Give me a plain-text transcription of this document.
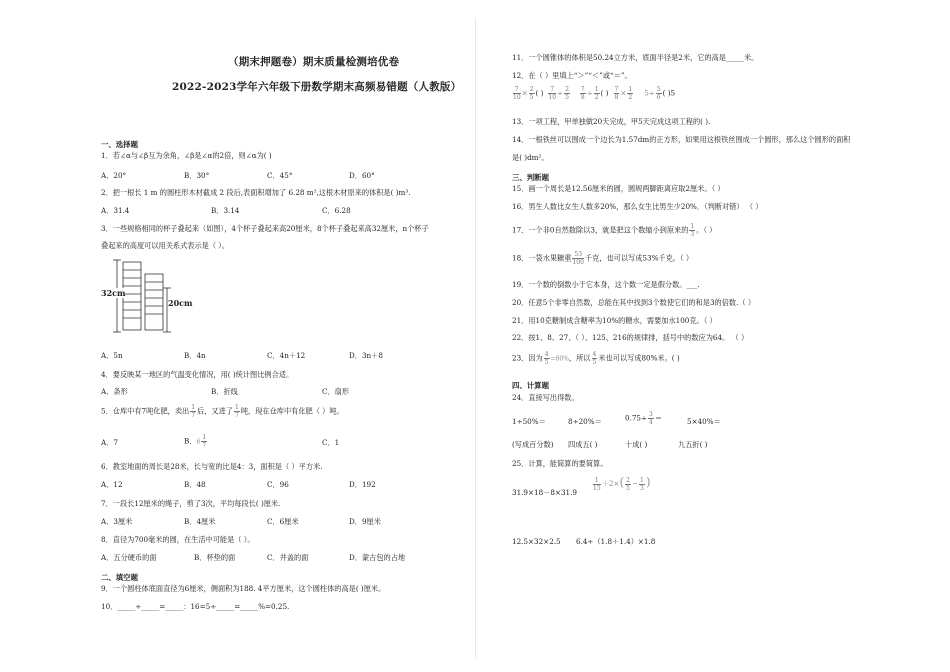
（期末押题卷）期末质量检测培优卷
2022-2023学年六年级下册数学期末高频易错题（人教版）
一、选择题
1．若∠α与∠β互为余角，∠β是∠α的2倍，则∠α为( )
A．20°	B．30°	C．45°	D．60°
2．把一根长 1 m 的圆柱形木材截成 2 段后,表面积增加了 6.28 m²,这根木材原来的体积是( )m³.
A．31.4	B．3.14	C．6.28
3．一些规格相同的杯子叠起来（如图），4个杯子叠起来高20厘米，8个杯子叠起来高32厘米，n个杯子
叠起来的高度可以用关系式表示是（ ）。
32cm
20cm
A．5n	B．4n	C．4n＋12	D．3n＋8
4．要反映某一地区的气温变化情况，用( )统计图比例合适。
A．条形	B．折线	C．扇形
5．仓库中有7吨化肥，卖出 $\frac{1}{7}$ 后，又进了 $\frac{1}{7}$ 吨，现在仓库中有化肥（ ）吨。
A．7	B．$6 \frac{1}{7}$	C．1
6．教室地面的周长是28米，长与宽的比是4：3，面积是（ ）平方米.
A．12	B．48	C．96	D．192
7．一段长12厘米的绳子，剪了3次，平均每段长( )厘米.
A．3厘米	B．4厘米	C．6厘米	D．9厘米
8．直径为700毫米的圆，在生活中可能是（ ）。
A．五分硬币的面	B．杯垫的面	C．井盖的面	D．蒙古包的占地
二、填空题
9．一个圆柱体底面直径为6厘米，侧面积为188. 4平方厘米，这个圆柱体的高是( )厘米。
10．_____÷_____=_____：16=5÷_____=_____%=0.25.
11．一个圆锥体的体积是50.24立方米，底面半径是2米，它的高是_____米。
12．在（ ）里填上“＞”“＜”或“＝”。
$\frac{7}{10} \times \frac{2}{5}$ ( ) $\frac{7}{10} \div \frac{2}{5} \frac{7}{8} \div \frac{1}{2}$ ( ) $\frac{7}{8} \times \frac{1}{2} 5\div \frac{5}{6}$ ( )5
13．一项工程，甲单独做20天完成，甲5天完成这项工程的( ).
14．一根铁丝可以围成一个边长为1.57dm的正方形，如果用这根铁丝围成一个圆形，那么这个圆形的面积
是( )dm²。
三、判断题
15．画一个周长是12.56厘米的圆，圆规两脚距离应取2厘米。（ ）
16．男生人数比女生人数多20%，那么女生比男生少20%．（判断对错） （ ）
17．一个非0自然数除以3，就是把这个数缩小到原来的 $\frac{1}{3}$ 。（ ）
18．一袋水果糖重 $\frac{53}{100}$ 千克，也可以写成53%千克。（ ）
19．一个数的倒数小于它本身，这个数一定是假分数。___.
20．任意5个非零自然数，总能在其中找到3个数使它们的和是3的倍数.（ ）
21．用10克糖制成含糖率为10%的糖水，需要加水100克。（ ）
22．按1、8、27、（ ）、125、216的规律排，括号中的数应为64。 （ ）
23．因为 $\frac{4}{5} =80\%$，所以 $\frac{4}{5}$ 米也可以写成80%米。( )
四、计算题
24．直接写出得数。
1÷50%＝	8÷20%＝	$0.75\div \frac{3}{4}$ ＝	5×40%＝
(写成百分数) 四成五( )	十成( )	九五折( )
25．计算，能简算的要简算。
31.9×18－8×31.9
$\frac{1}{15} +2\times( \frac{2}{5} - \frac{1}{3}$ )
12.5×32×2.5 6.4÷（1.8＋1.4）×1.8
